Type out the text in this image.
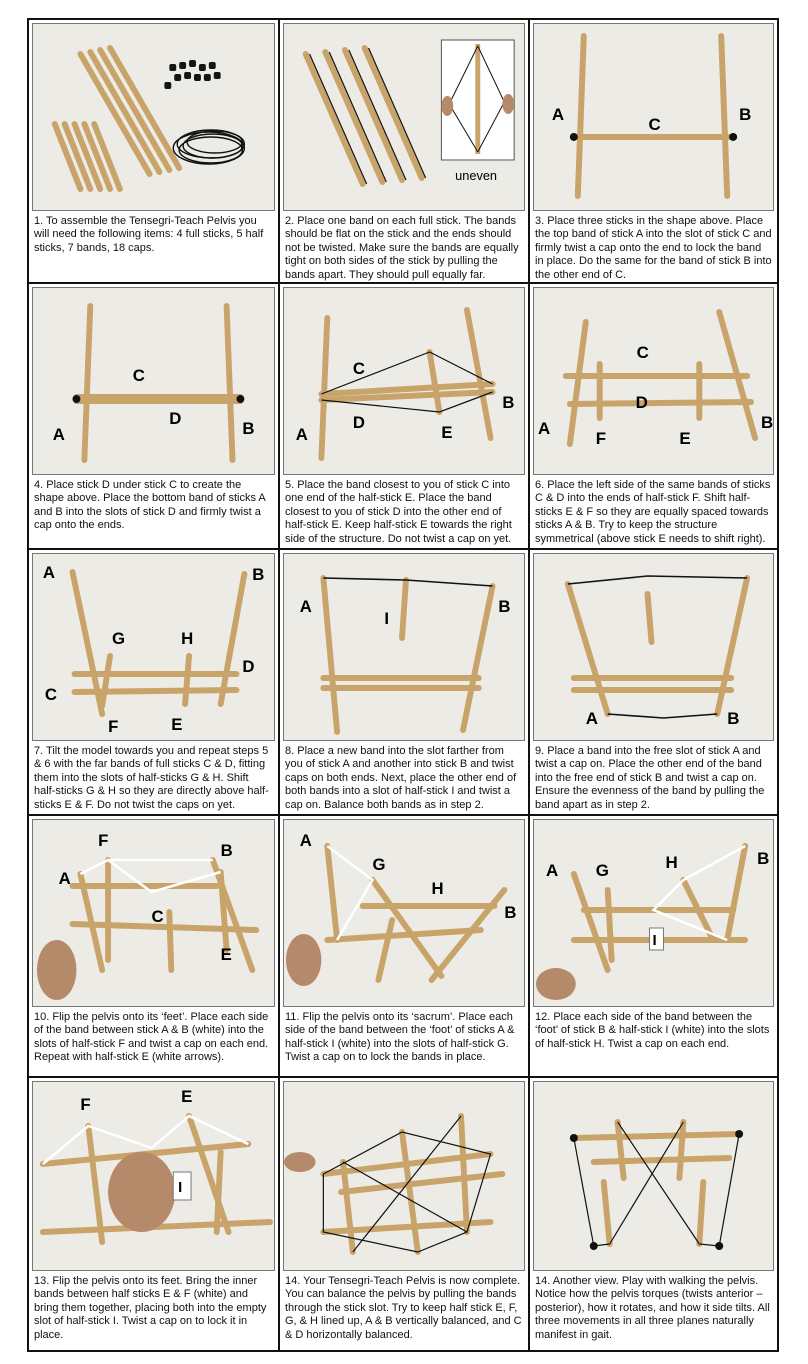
1. To assemble the Tensegri-Teach Pelvis you will need the following items: 4 full sticks, 5 half sticks, 7 bands, 18 caps.
uneven
2. Place one band on each full stick. The bands should be flat on the stick and the ends should not be twisted. Make sure the bands are equally tight on both sides of the stick by pulling the bands apart. They should pull equally far.
A
C
B
3. Place three sticks in the shape above. Place the top band of stick A into the slot of stick C and firmly twist a cap onto the end to lock the band in place. Do the same for the band of stick B into the other end of C.
C
A
D
B
4. Place stick D under stick C to create the shape above. Place the bottom band of sticks A and B into the slots of stick D and firmly twist a cap onto the ends.
C
B
A
D
E
5. Place the band closest to you of stick C into one end of the half-stick E. Place the band closest to you of stick D into the other end of half-stick E. Keep half-stick E towards the right side of the structure. Do not twist a cap on yet.
C
D
A
F	E
B
6. Place the left side of the same bands of sticks C & D into the ends of half-stick F. Shift half-sticks E & F so they are equally spaced towards sticks A & B. Try to keep the structure symmetrical (above stick E needs to shift right).
A	B
G	H
D
C
F	E
7. Tilt the model towards you and repeat steps 5 & 6 with the far bands of full sticks C & D, fitting them into the slots of half-sticks G & H. Shift half-sticks G & H so they are directly above half-sticks E & F. Do not twist the caps on yet.
A
I
B
8. Place a new band into the slot farther from you of stick A and another into stick B and twist caps on both ends. Next, place the other end of both bands into a slot of half-stick I and twist a cap on. Balance both bands as in step 2.
A	B
9. Place a band into the free slot of stick A and twist a cap on. Place the other end of the band into the free end of stick B and twist a cap on. Ensure the evenness of the band by pulling the band apart as in step 2.
A
F
B
C
E
10. Flip the pelvis onto its ‘feet’. Place each side of the band between stick A & B (white) into the slots of half-stick F and twist a cap on each end. Repeat with half-stick E (white arrows).
A
G
H
B
11. Flip the pelvis onto its ‘sacrum’. Place each side of the band between the ‘foot’ of sticks A & half-stick I (white) into the slots of half-stick G. Twist a cap on to lock the bands in place.
A G	H	B
I
12. Place each side of the band between the ‘foot’ of stick B & half-stick I (white) into the slots of half-stick H. Twist a cap on each end.
F	E
I
13. Flip the pelvis onto its feet. Bring the inner bands between half sticks E & F (white) and bring them together, placing both into the empty slot of half-stick I. Twist a cap on to lock it in place.
14. Your Tensegri-Teach Pelvis is now complete. You can balance the pelvis by pulling the bands through the stick slot. Try to keep half stick E, F, G, & H lined up, A & B vertically balanced, and C & D horizontally balanced.
14. Another view. Play with walking the pelvis. Notice how the pelvis torques (twists anterior – posterior), how it rotates, and how it side tilts. All three movements in all three planes naturally manifest in gait.
